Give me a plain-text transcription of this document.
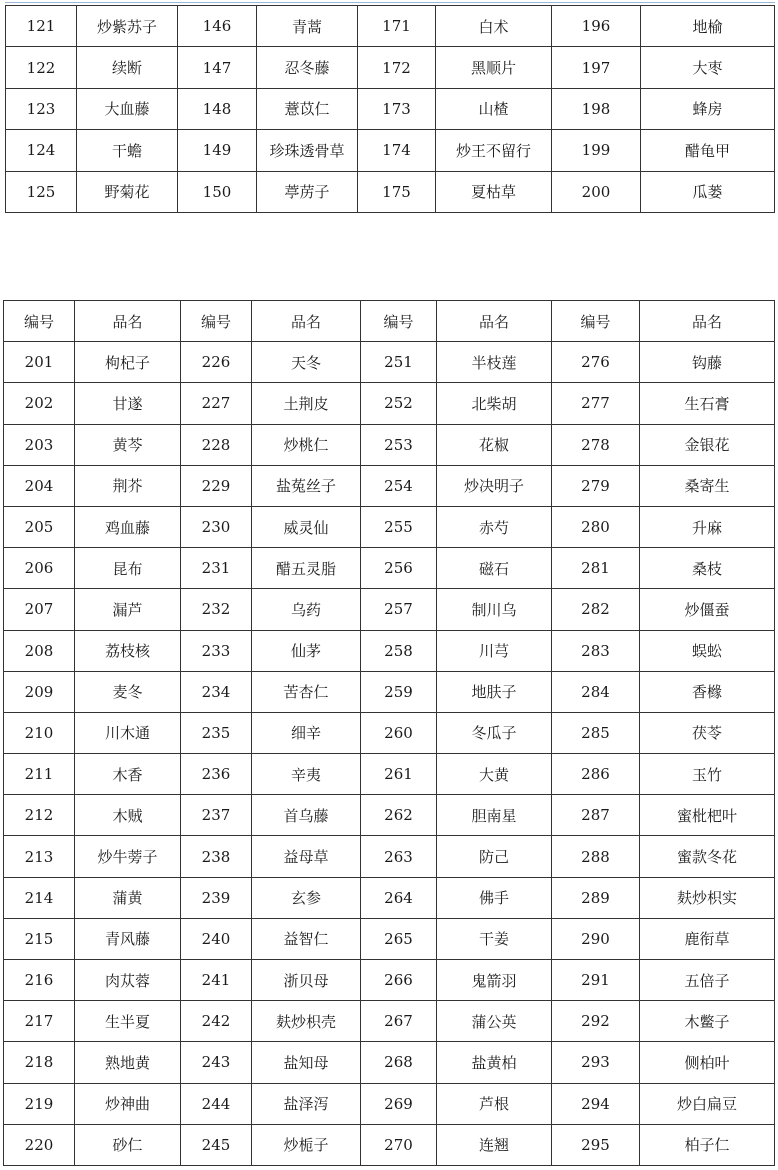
121	炒紫苏子	146	青蒿	171	白术	196	地榆
122	续断	147	忍冬藤	172	黑顺片	197	大枣
123	大血藤	148	薏苡仁	173	山楂	198	蜂房
124	干蟾	149	珍珠透骨草	174	炒王不留行	199	醋龟甲
125	野菊花	150	葶苈子	175	夏枯草	200	瓜蒌
编号	品名	编号	品名	编号	品名	编号	品名
201	枸杞子	226	天冬	251	半枝莲	276	钩藤
202	甘遂	227	土荆皮	252	北柴胡	277	生石膏
203	黄芩	228	炒桃仁	253	花椒	278	金银花
204	荆芥	229	盐菟丝子	254	炒决明子	279	桑寄生
205	鸡血藤	230	威灵仙	255	赤芍	280	升麻
206	昆布	231	醋五灵脂	256	磁石	281	桑枝
207	漏芦	232	乌药	257	制川乌	282	炒僵蚕
208	荔枝核	233	仙茅	258	川芎	283	蜈蚣
209	麦冬	234	苦杏仁	259	地肤子	284	香橼
210	川木通	235	细辛	260	冬瓜子	285	茯苓
211	木香	236	辛夷	261	大黄	286	玉竹
212	木贼	237	首乌藤	262	胆南星	287	蜜枇杷叶
213	炒牛蒡子	238	益母草	263	防己	288	蜜款冬花
214	蒲黄	239	玄参	264	佛手	289	麸炒枳实
215	青风藤	240	益智仁	265	干姜	290	鹿衔草
216	肉苁蓉	241	浙贝母	266	鬼箭羽	291	五倍子
217	生半夏	242	麸炒枳壳	267	蒲公英	292	木鳖子
218	熟地黄	243	盐知母	268	盐黄柏	293	侧柏叶
219	炒神曲	244	盐泽泻	269	芦根	294	炒白扁豆
220	砂仁	245	炒栀子	270	连翘	295	柏子仁
